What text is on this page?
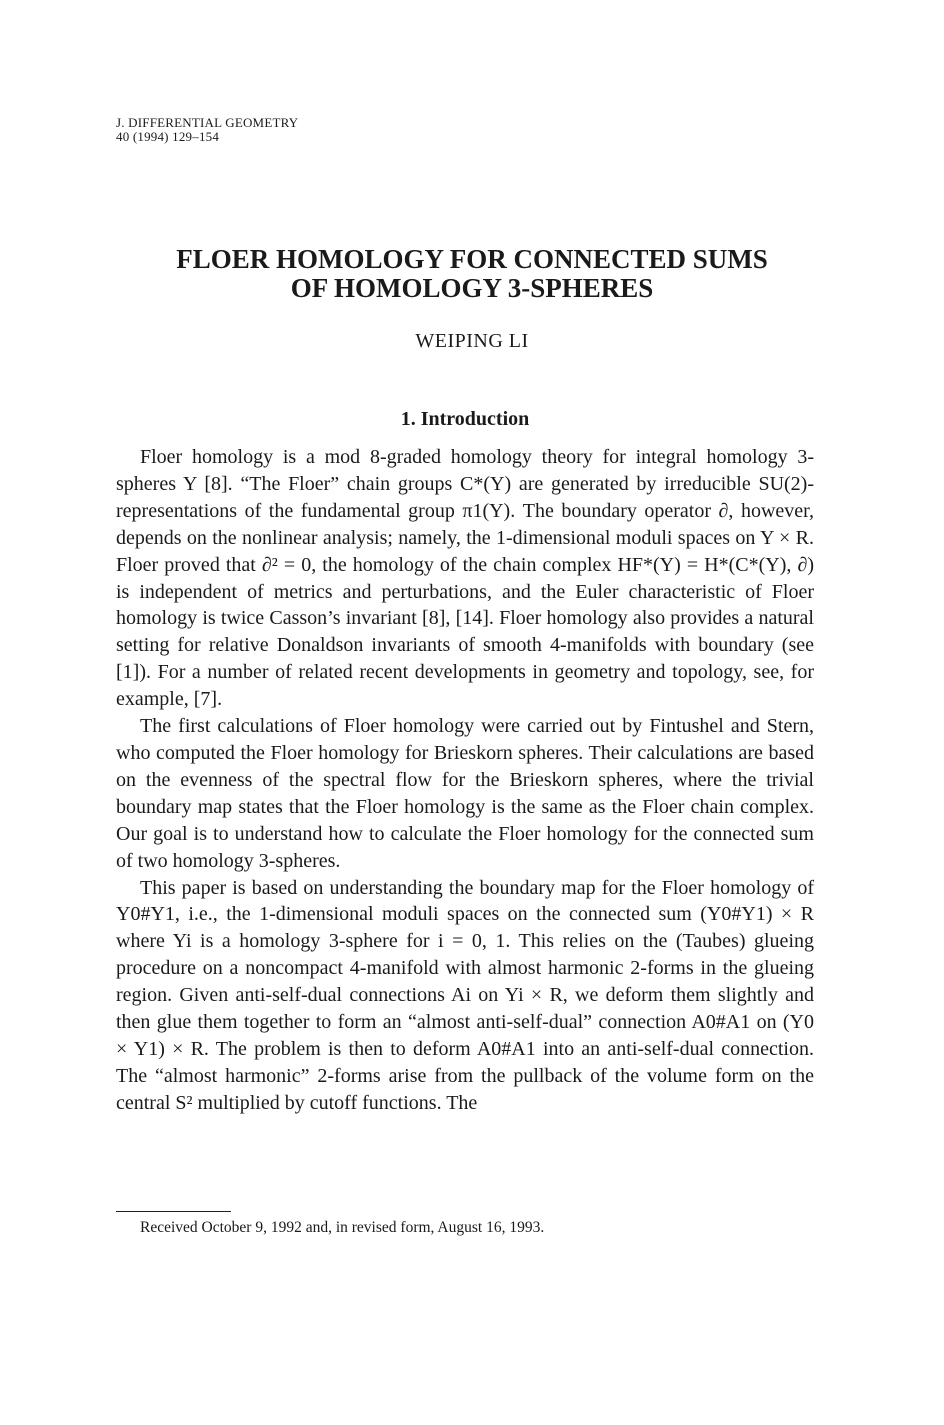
J. DIFFERENTIAL GEOMETRY
40 (1994) 129–154
FLOER HOMOLOGY FOR CONNECTED SUMS
OF HOMOLOGY 3-SPHERES
WEIPING LI
1. Introduction

Floer homology is a mod 8-graded homology theory for integral homology 3-spheres Y [8]. “The Floer” chain groups C*(Y) are generated by irreducible SU(2)-representations of the fundamental group π1(Y). The boundary operator ∂, however, depends on the nonlinear analysis; namely, the 1-dimensional moduli spaces on Y × R. Floer proved that ∂² = 0, the homology of the chain complex HF*(Y) = H*(C*(Y), ∂) is independent of metrics and perturbations, and the Euler characteristic of Floer homology is twice Casson’s invariant [8], [14]. Floer homology also provides a natural setting for relative Donaldson invariants of smooth 4-manifolds with boundary (see [1]). For a number of related recent developments in geometry and topology, see, for example, [7].

The first calculations of Floer homology were carried out by Fintushel and Stern, who computed the Floer homology for Brieskorn spheres. Their calculations are based on the evenness of the spectral flow for the Brieskorn spheres, where the trivial boundary map states that the Floer homology is the same as the Floer chain complex. Our goal is to understand how to calculate the Floer homology for the connected sum of two homology 3-spheres.

This paper is based on understanding the boundary map for the Floer homology of Y0#Y1, i.e., the 1-dimensional moduli spaces on the connected sum (Y0#Y1) × R where Yi is a homology 3-sphere for i = 0, 1. This relies on the (Taubes) glueing procedure on a noncompact 4-manifold with almost harmonic 2-forms in the glueing region. Given anti-self-dual connections Ai on Yi × R, we deform them slightly and then glue them together to form an “almost anti-self-dual” connection A0#A1 on (Y0 × Y1) × R. The problem is then to deform A0#A1 into an anti-self-dual connection. The “almost harmonic” 2-forms arise from the pullback of the volume form on the central S² multiplied by cutoff functions. The

Received October 9, 1992 and, in revised form, August 16, 1993.
